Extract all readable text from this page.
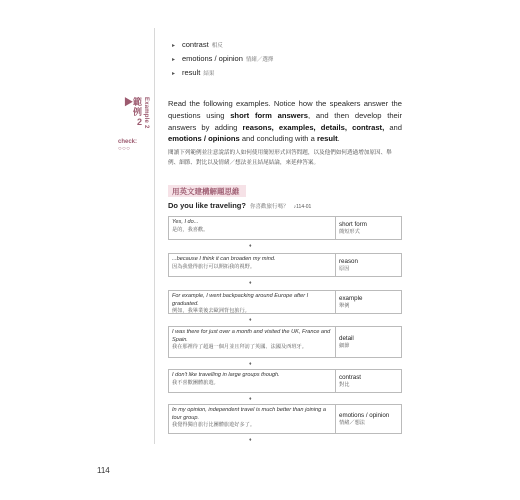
▸ contrast 相反
▸ emotions / opinion 情緒／選擇
▸ result 結果
▶範例
2 Example 2
check:
○○○
Read the following examples. Notice how the speakers answer the questions using short form answers, and then develop their answers by adding reasons, examples, details, contrast, and emotions / opinions and concluding with a result.
閱讀下列範例並注意說話的人如何使用簡短形式回答問題，以及他們如何透過增加原因、舉例、細節、對比以及情緒／想法並且結尾結論，來延伸答案。
用英文建構解題思維
Do you like traveling? 你喜歡旅行嗎？ ♪114-01
Yes, I do...
是的，我喜歡。
short form
簡短形式
♦
...because I think it can broaden my mind.
因為我覺得旅行可以開拓我的視野。
reason
原因
♦
For example, I went backpacking around Europe after I graduated.
例如，我畢業後去歐洲背包旅行。
example
舉例
♦
I was there for just over a month and visited the UK, France and Spain.
我在那裡待了超過一個月並且拜訪了英國、法國及西班牙。
detail
細節
♦
I don't like travelling in large groups though.
我不喜歡團體旅遊。
contrast
對比
♦
In my opinion, independent travel is much better than joining a tour group.
我覺得獨自旅行比團體旅遊好多了。
emotions / opinion
情緒／想法
♦
114
